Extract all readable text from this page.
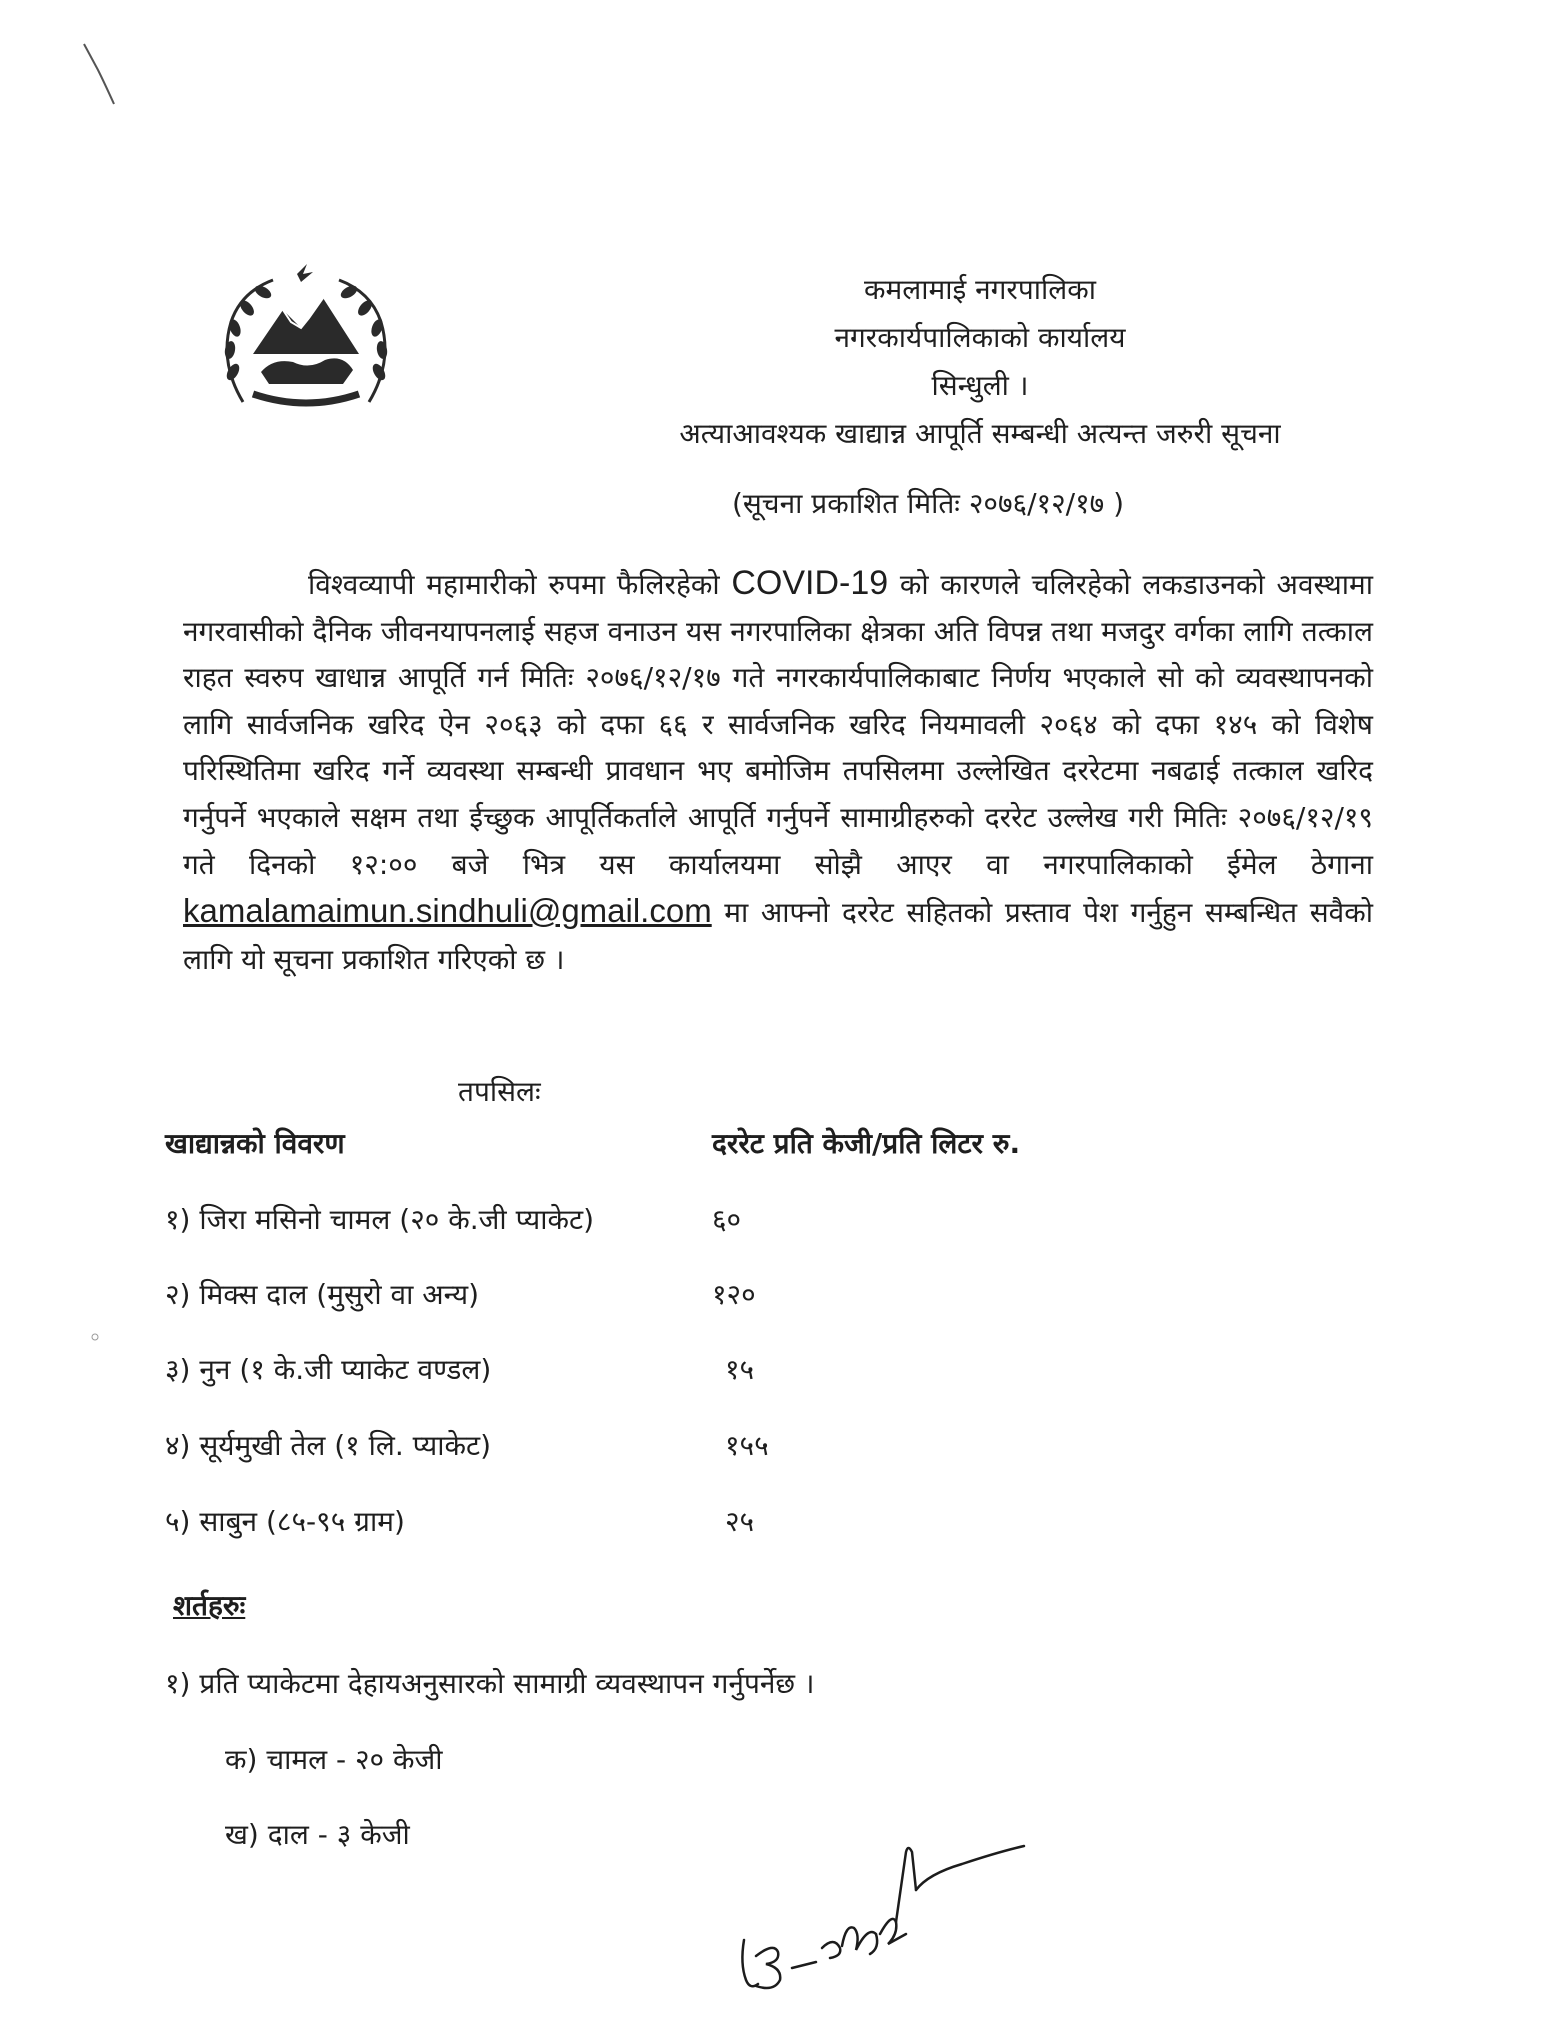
कमलामाई नगरपालिका
नगरकार्यपालिकाको कार्यालय
सिन्धुली ।
अत्याआवश्यक खाद्यान्न आपूर्ति सम्बन्धी अत्यन्त जरुरी सूचना
(सूचना प्रकाशित मितिः २०७६/१२/१७ )
विश्वव्यापी महामारीको रुपमा फैलिरहेको COVID-19 को कारणले चलिरहेको लकडाउनको अवस्थामा नगरवासीको दैनिक जीवनयापनलाई सहज वनाउन यस नगरपालिका क्षेत्रका अति विपन्न तथा मजदुर वर्गका लागि तत्काल राहत स्वरुप खाधान्न आपूर्ति गर्न मितिः २०७६/१२/१७ गते नगरकार्यपालिकाबाट निर्णय भएकाले सो को व्यवस्थापनको लागि सार्वजनिक खरिद ऐन २०६३ को दफा ६६ र सार्वजनिक खरिद नियमावली २०६४ को दफा १४५ को विशेष परिस्थितिमा खरिद गर्ने व्यवस्था सम्बन्धी प्रावधान भए बमोजिम तपसिलमा उल्लेखित दररेटमा नबढाई तत्काल खरिद गर्नुपर्ने भएकाले सक्षम तथा ईच्छुक आपूर्तिकर्ताले आपूर्ति गर्नुपर्ने सामाग्रीहरुको दररेट उल्लेख गरी मितिः २०७६/१२/१९ गते दिनको १२:०० बजे भित्र यस कार्यालयमा सोझै आएर वा नगरपालिकाको ईमेल ठेगाना kamalamaimun.sindhuli@gmail.com मा आफ्नो दररेट सहितको प्रस्ताव पेश गर्नुहुन सम्बन्धित सवैको लागि यो सूचना प्रकाशित गरिएको छ ।
तपसिलः
खाद्यान्नको विवरण	दररेट प्रति केजी/प्रति लिटर रु.
१) जिरा मसिनो चामल (२० के.जी प्याकेट)	६०
२) मिक्स दाल (मुसुरो वा अन्य)	१२०
३) नुन (१ के.जी प्याकेट वण्डल)	१५
४) सूर्यमुखी तेल (१ लि. प्याकेट)	१५५
५) साबुन (८५-९५ ग्राम)	२५
शर्तहरुः
१) प्रति प्याकेटमा देहायअनुसारको सामाग्री व्यवस्थापन गर्नुपर्नेछ ।
क) चामल - २० केजी
ख) दाल - ३ केजी
